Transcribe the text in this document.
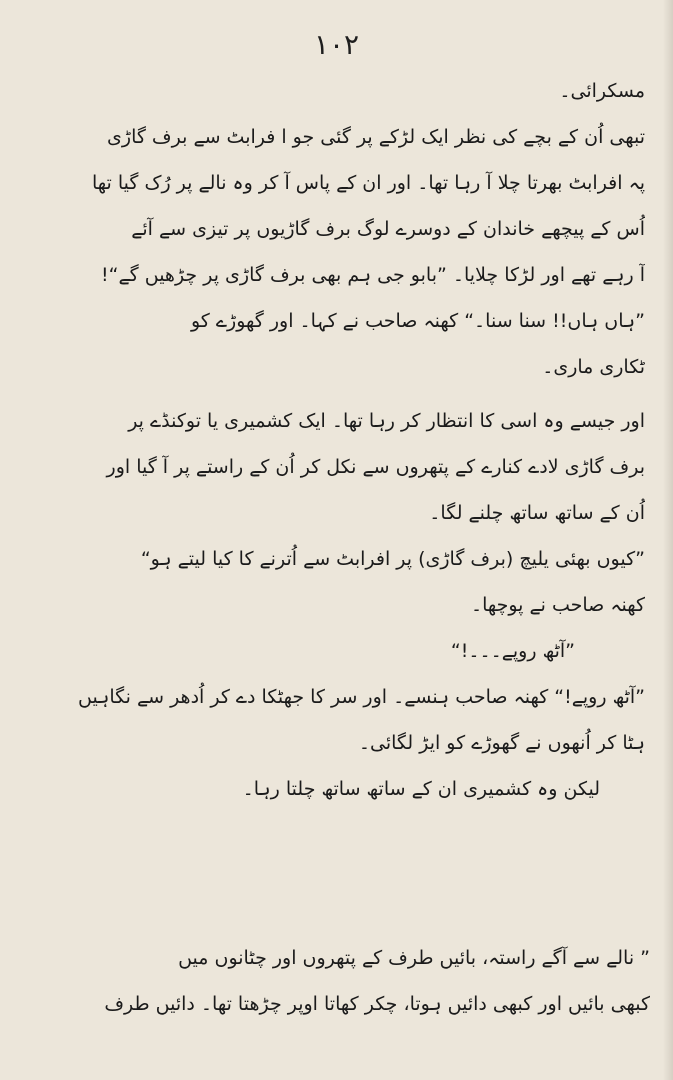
۱۰۲
مسکرائی۔
تبھی اُن کے بچے کی نظر ایک لڑکے پر گئی جو ا فرابٹ سے برف گاڑی
پہ افرابٹ بھرتا چلا آ رہا تھا۔ اور ان کے پاس آ کر وہ نالے پر رُک گیا تھا
اُس کے پیچھے خاندان کے دوسرے لوگ برف گاڑیوں پر تیزی سے آئے
آ رہے تھے اور لڑکا چلایا۔ ”بابو جی ہم بھی برف گاڑی پر چڑھیں گے“!
”ہاں ہاں!! سنا سنا۔“ کھنہ صاحب نے کہا۔ اور گھوڑے کو
ٹکاری ماری۔
اور جیسے وہ اسی کا انتظار کر رہا تھا۔ ایک کشمیری یا توکنڈے پر
برف گاڑی لادے کنارے کے پتھروں سے نکل کر اُن کے راستے پر آ گیا اور
اُن کے ساتھ ساتھ چلنے لگا۔
”کیوں بھئی یلیچ (برف گاڑی) پر افرابٹ سے اُترنے کا کیا لیتے ہو“
کھنہ صاحب نے پوچھا۔
”آٹھ روپے۔۔۔!“
”آٹھ روپے!“ کھنہ صاحب ہنسے۔ اور سر کا جھٹکا دے کر اُدھر سے نگاہیں
ہٹا کر اُنھوں نے گھوڑے کو ایڑ لگائی۔
لیکن وہ کشمیری ان کے ساتھ ساتھ چلتا رہا۔
” نالے سے آگے راستہ، بائیں طرف کے پتھروں اور چٹانوں میں
کبھی بائیں اور کبھی دائیں ہوتا، چکر کھاتا اوپر چڑھتا تھا۔ دائیں طرف
